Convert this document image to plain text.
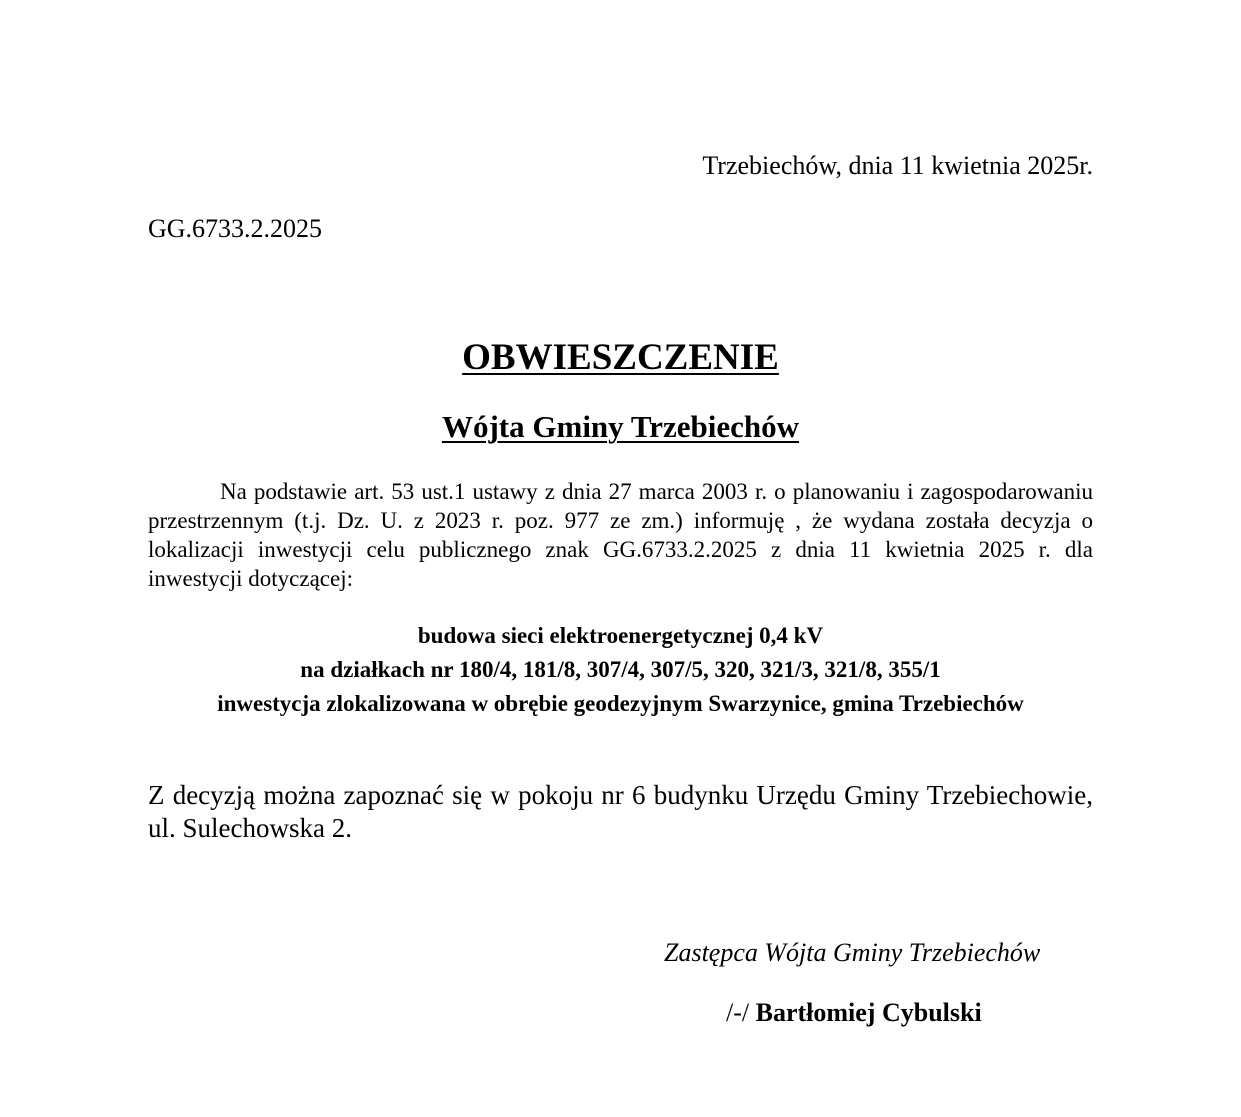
Trzebiechów, dnia 11 kwietnia 2025r.
GG.6733.2.2025
OBWIESZCZENIE
Wójta Gminy Trzebiechów
Na podstawie art. 53 ust.1 ustawy z dnia 27 marca 2003 r. o planowaniu i zagospodarowaniu przestrzennym (t.j. Dz. U. z 2023 r. poz. 977 ze zm.) informuję , że wydana została decyzja o lokalizacji inwestycji celu publicznego znak GG.6733.2.2025 z dnia 11 kwietnia 2025 r. dla inwestycji dotyczącej:
budowa sieci elektroenergetycznej 0,4 kV
na działkach nr 180/4, 181/8, 307/4, 307/5, 320, 321/3, 321/8, 355/1
inwestycja zlokalizowana w obrębie geodezyjnym Swarzynice, gmina Trzebiechów
Z decyzją można zapoznać się w pokoju nr 6 budynku Urzędu Gminy Trzebiechowie, ul. Sulechowska 2.
Zastępca Wójta Gminy Trzebiechów
/-/ Bartłomiej Cybulski
